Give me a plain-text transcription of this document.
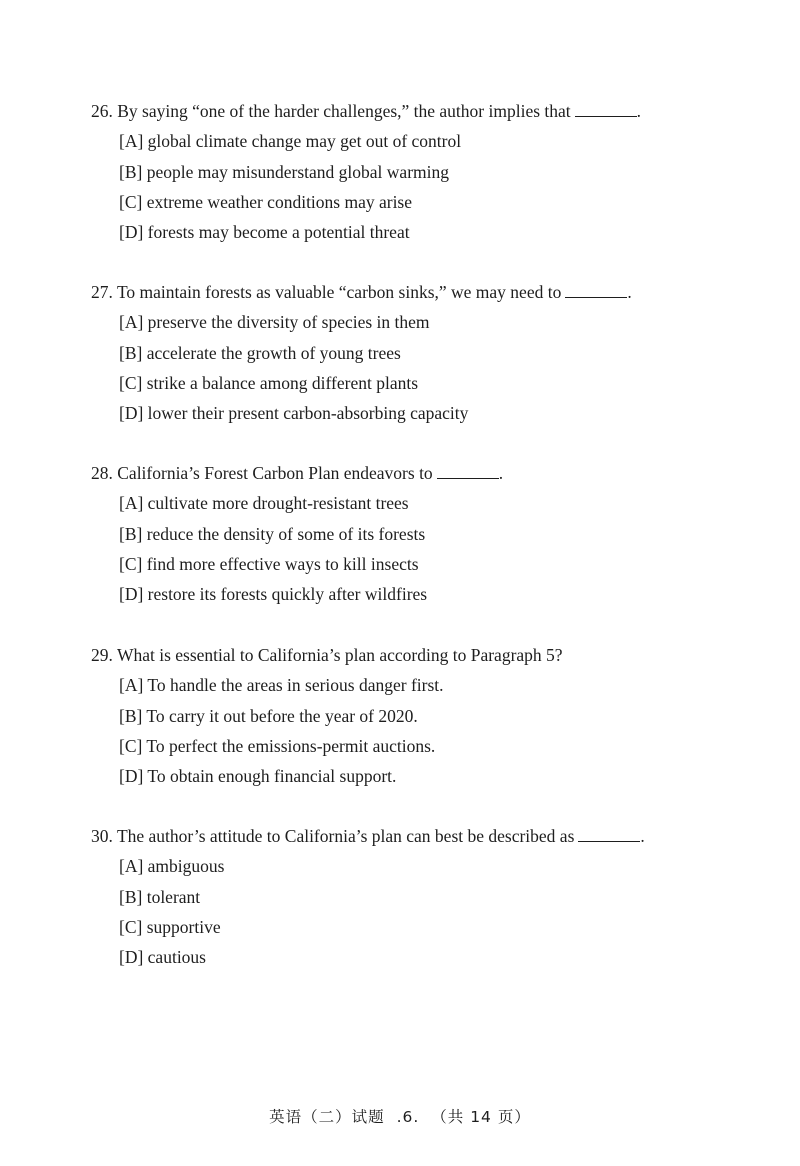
26. By saying “one of the harder challenges,” the author implies that	.
[A] global climate change may get out of control
[B] people may misunderstand global warming
[C] extreme weather conditions may arise
[D] forests may become a potential threat
27. To maintain forests as valuable “carbon sinks,” we may need to	.
[A] preserve the diversity of species in them
[B] accelerate the growth of young trees
[C] strike a balance among different plants
[D] lower their present carbon-absorbing capacity
28. California’s Forest Carbon Plan endeavors to	.
[A] cultivate more drought-resistant trees
[B] reduce the density of some of its forests
[C] find more effective ways to kill insects
[D] restore its forests quickly after wildfires
29. What is essential to California’s plan according to Paragraph 5?
[A] To handle the areas in serious danger first.
[B] To carry it out before the year of 2020.
[C] To perfect the emissions-permit auctions.
[D] To obtain enough financial support.
30. The author’s attitude to California’s plan can best be described as	.
[A] ambiguous
[B] tolerant
[C] supportive
[D] cautious
英语（二）试题 .6. （共 14 页）
